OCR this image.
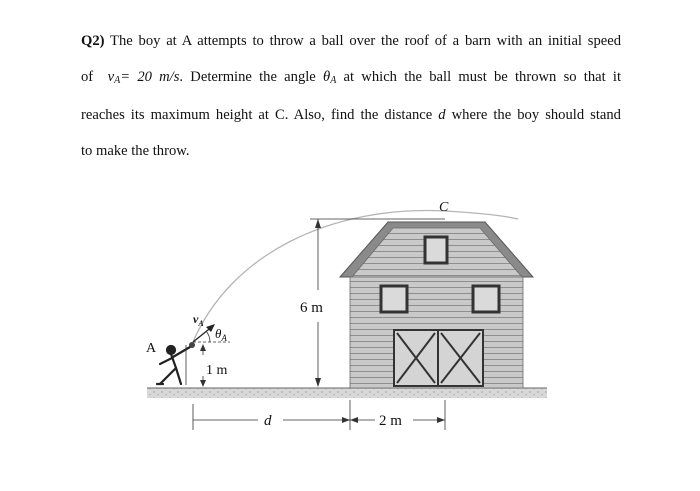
Q2) The boy at A attempts to throw a ball over the roof of a barn with an initial speed
of $v_A= 20$ m/s. Determine the angle $\theta_A$ at which the ball must be thrown so that it
reaches its maximum height at C. Also, find the distance d where the boy should stand
to make the throw.
6 m
C
A
$v_A$
$\theta_A$
1 m
d	2 m
